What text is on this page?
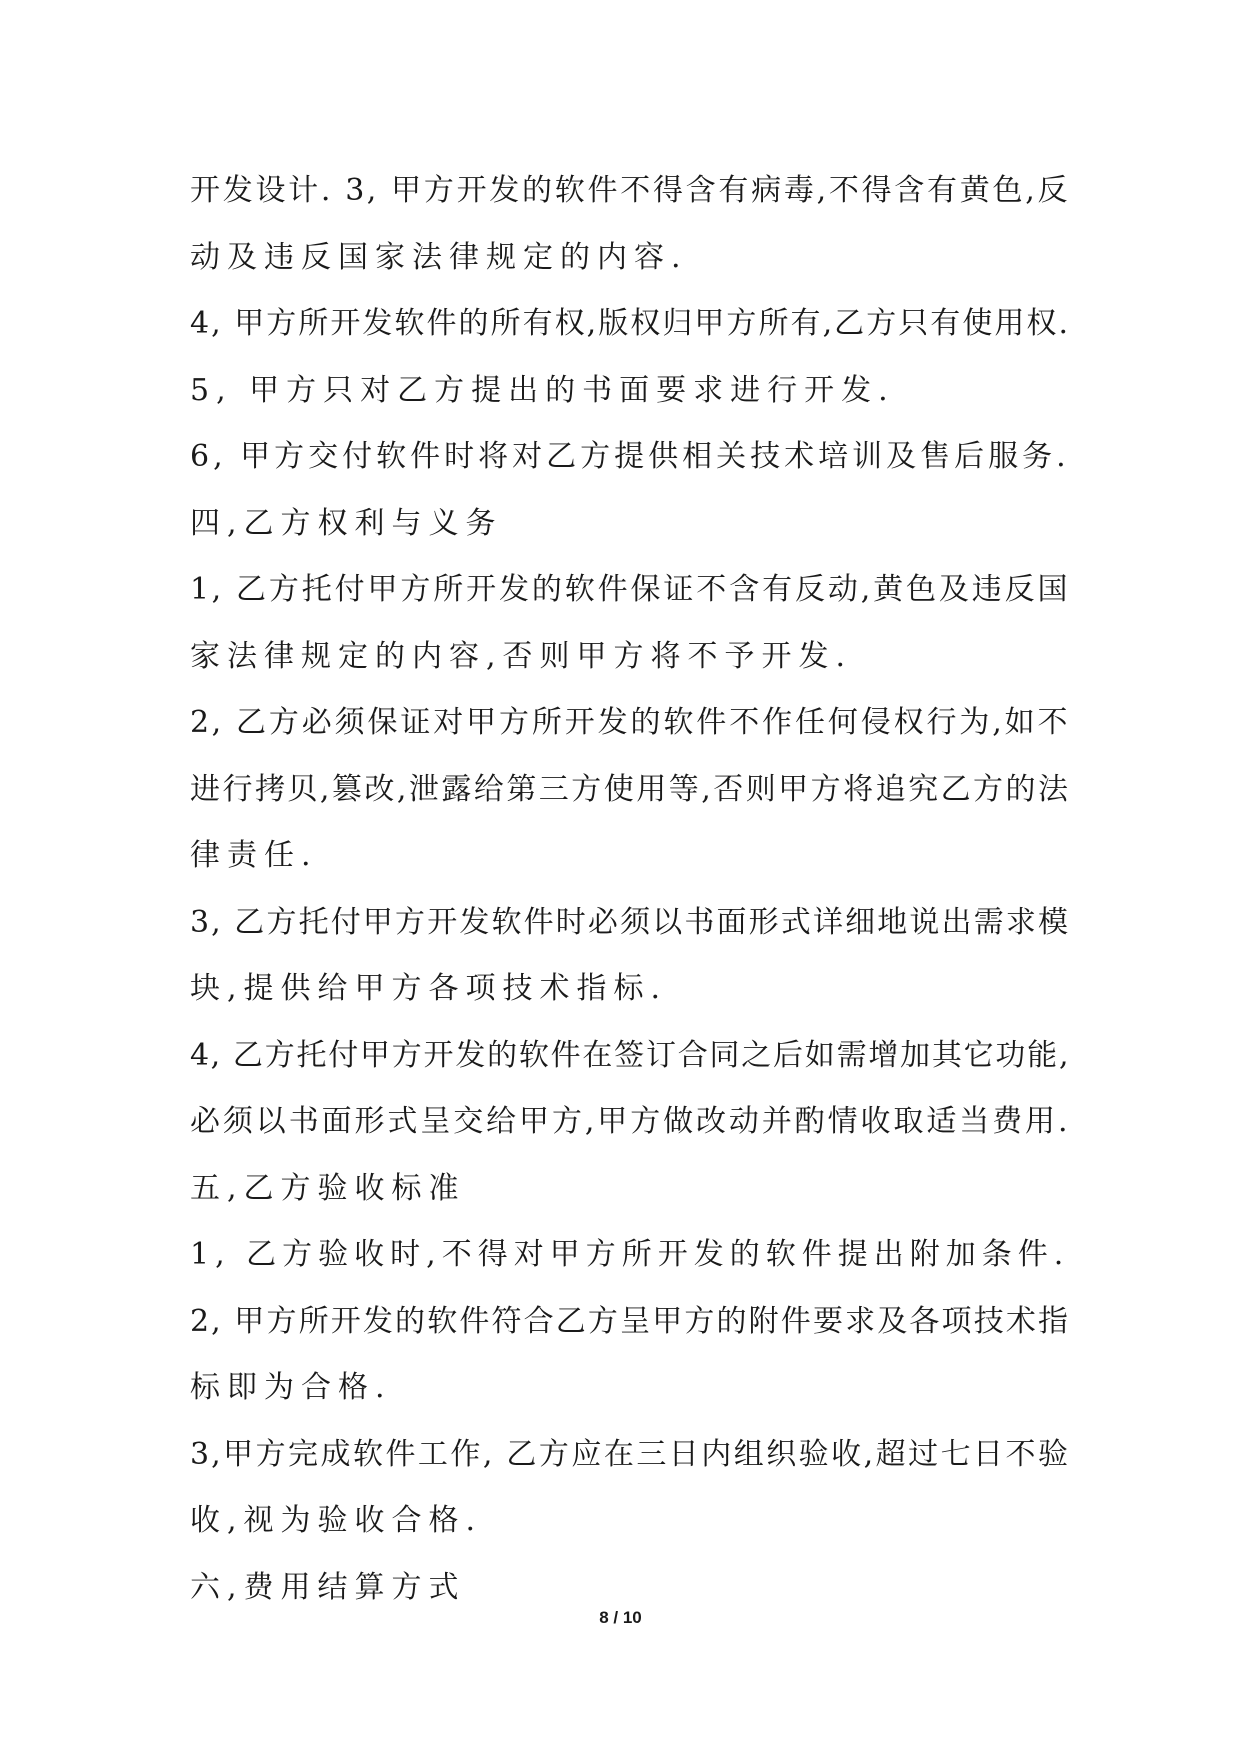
开发设计. 3, 甲方开发的软件不得含有病毒,不得含有黄色,反
动及违反国家法律规定的内容.
4, 甲方所开发软件的所有权,版权归甲方所有,乙方只有使用权.
5, 甲方只对乙方提出的书面要求进行开发.
6, 甲方交付软件时将对乙方提供相关技术培训及售后服务.
四,乙方权利与义务
1, 乙方托付甲方所开发的软件保证不含有反动,黄色及违反国
家法律规定的内容,否则甲方将不予开发.
2, 乙方必须保证对甲方所开发的软件不作任何侵权行为,如不
进行拷贝,篡改,泄露给第三方使用等,否则甲方将追究乙方的法
律责任.
3, 乙方托付甲方开发软件时必须以书面形式详细地说出需求模
块,提供给甲方各项技术指标.
4, 乙方托付甲方开发的软件在签订合同之后如需增加其它功能,
必须以书面形式呈交给甲方,甲方做改动并酌情收取适当费用.
五,乙方验收标准
1, 乙方验收时,不得对甲方所开发的软件提出附加条件.
2, 甲方所开发的软件符合乙方呈甲方的附件要求及各项技术指
标即为合格.
3,甲方完成软件工作, 乙方应在三日内组织验收,超过七日不验
收,视为验收合格.
六,费用结算方式
8 / 10
